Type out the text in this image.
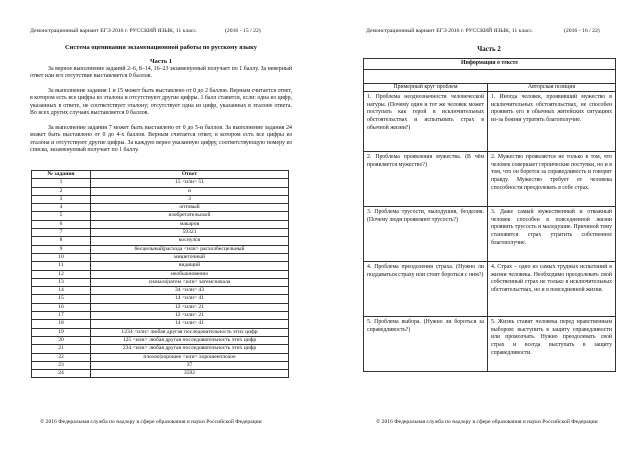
Демонстрационный вариант ЕГЭ 2016 г. РУССКИЙ ЯЗЫК, 11 класс.	(2016 - 15 / 22)
Система оценивания экзаменационной работы по русскому языку
Часть 1
За верное выполнение заданий 2–6, 8–14, 16–23 экзаменуемый получает по 1 баллу. За неверный ответ или его отсутствие выставляется 0 баллов.
За выполнение задания 1 и 15 может быть выставлено от 0 до 2 баллов. Верным считается ответ, в котором есть все цифры из эталона и отсутствуют другие цифры. 1 балл ставится, если: одна из цифр, указанных в ответе, не соответствует эталону; отсутствует одна из цифр, указанных в эталоне ответа. Во всех других случаях выставляется 0 баллов.
За выполнение задания 7 может быть выставлено от 0 до 5-и баллов. За выполнение задания 24 может быть выставлено от 0 до 4-х баллов. Верным считается ответ, в котором есть все цифры из эталона и отсутствуют другие цифры. За каждую верно указанную цифру, соответствующую номеру из списка, экзаменуемый получает по 1 баллу.
№ задания	Ответ
1	15 <или> 51
2	и
3	3
4	оптовый
5	изобретательской
6	макаров
7	59321
8	коснулся
9	бесцельный|расхода <или> расхолбесцельный
10	мишеточный
11	видящий
12	необыкновенно
13	сначала|затем <или> затемсначала
14	34 <или> 43
15	14 <или> 41
16	12 <или> 21
17	12 <или> 21
18	14 <или> 41
19	1234 <или> любая другая последовательность этих цифр
20	125 <или> любая другая последовательность этих цифр
21	234 <или> любая другая последовательность этих цифр
22	плохое|хорошее <или> хорошееплохое
23	37
24	3592
© 2016 Федеральная служба по надзору в сфере образования и науки Российской Федерации
Демонстрационный вариант ЕГЭ 2016 г. РУССКИЙ ЯЗЫК, 11 класс.	(2016 - 16 / 22)
Часть 2
Информация о тексте	

Примерный круг проблем	Авторская позиция
1. Проблема неоднозначности человеческой натуры. (Почему один и тот же человек может поступать как герой в исключительных обстоятельствах и испытывать страх в обычной жизни?)	1. Иногда человек, проявивший мужество в исключительных обстоятельствах, не способен проявить его в обычных житейских ситуациях из-за боязни утратить благополучие.
2. Проблема проявления мужества. (В чём проявляется мужество?)	2. Мужество проявляется не только в том, что человек совершает героические поступки, но и в том, что он борется за справедливость и говорит правду. Мужество требует от человека способности преодолевать в себе страх.
3. Проблема трусости, малодушия, безделия. (Почему люди проявляют трусость?)	3. Даже самый мужественный и отважный человек способен в повседневной жизни проявить трусость и малодушие. Причиной тому становится страх утратить собственное благополучие.
4. Проблема преодоления страха. (Нужно ли поддаваться страху или стоит бороться с ним?)	4. Страх – одно из самых трудных испытаний в жизни человека. Необходимо преодолевать свой собственный страх не только в исключительных обстоятельствах, но и в повседневной жизни.
5. Проблема выбора. (Нужно ли бороться за справедливость?)	5. Жизнь ставит человека перед нравственным выбором: выступить в защиту справедливости или промолчать. Нужно преодолевать свой страх и всегда выступать в защиту справедливости.
© 2016 Федеральная служба по надзору в сфере образования и науки Российской Федерации
